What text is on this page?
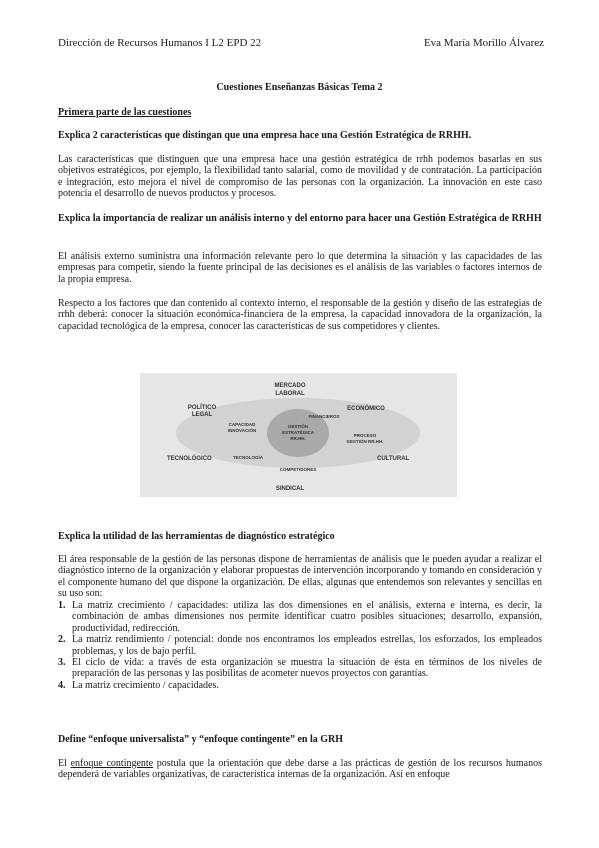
Dirección de Recursos Humanos I L2 EPD 22	Eva María Morillo Álvarez
Cuestiones Enseñanzas Básicas Tema 2
Primera parte de las cuestiones
Explica 2 características que distingan que una empresa hace una Gestión Estratégica de RRHH.
Las características que distinguen que una empresa hace una gestión estratégica de rrhh podemos basarlas en sus objetivos estratégicos, por ejemplo, la flexibilidad tanto salarial, como de movilidad y de contratación. La participación e integración, esto mejora el nivel de compromiso de las personas con la organización. La innovación en este caso potencia el desarrollo de nuevos productos y procesos.
Explica la importancia de realizar un análisis interno y del entorno para hacer una Gestión Estratégica de RRHH
El análisis externo suministra una información relevante pero lo que determina la situación y las capacidades de las empresas para competir, siendo la fuente principal de las decisiones es el análisis de las variables o factores internos de la propia empresa.
Respecto a los factores que dan contenido al contexto interno, el responsable de la gestión y diseño de las estrategias de rrhh deberá: conocer la situación económica-financiera de la empresa, la capacidad innovadora de la organización, la capacidad tecnológica de la empresa, conocer las características de sus competidores y clientes.
MERCADO
LABORAL
POLÍTICO
LEGAL
ECONÓMICO
TECNOLÓGICO	CULTURAL
SINDICAL
CAPACIDAD
INNOVACIÓN
FINANCIEROS
PROCESO
GESTIÓN RR.HH.
TECNOLOGÍA
COMPETIDORES
GESTIÓN
ESTRATÉGICA
RR.HH.
Explica la utilidad de las herramientas de diagnóstico estratégico
El área responsable de la gestión de las personas dispone de herramientas de análisis que le pueden ayudar a realizar el diagnóstico interno de la organización y elaborar propuestas de intervención incorporando y tomando en consideración y el componente humano del que dispone la organización. De ellas, algunas que entendemos son relevantes y sencillas en su uso son:
1. La matriz crecimiento / capacidades: utiliza las dos dimensiones en el análisis, externa e interna, es decir, la combinación de ambas dimensiones nos permite identificar cuatro posibles situaciones; desarrollo, expansión, productividad, redirección.
2. La matriz rendimiento / potencial: donde nos encontramos los empleados estrellas, los esforzados, los empleados problemas, y los de bajo perfil.
3. El ciclo de vida: a través de esta organización se muestra la situación de ésta en términos de los niveles de preparación de las personas y las posibilitas de acometer nuevos proyectos con garantías.
4. La matriz crecimiento / capacidades.
Define “enfoque universalista” y “enfoque contingente” en la GRH
El enfoque contingente postula que la orientación que debe darse a las prácticas de gestión de los recursos humanos dependerá de variables organizativas, de característica internas de la organización. Así en enfoque
